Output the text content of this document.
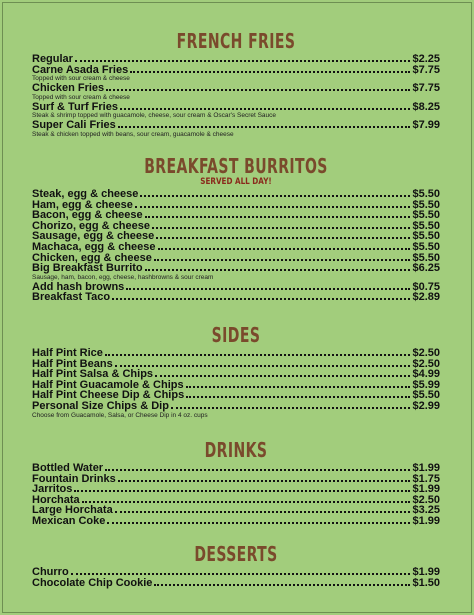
FRENCH FRIES
Regular	$2.25
Carne Asada Fries	$7.75
Topped with sour cream & cheese
Chicken Fries	$7.75
Topped with sour cream & cheese
Surf & Turf Fries	$8.25
Steak & shrimp topped with guacamole, cheese, sour cream & Oscar's Secret Sauce
Super Cali Fries	$7.99
Steak & chicken topped with beans, sour cream, guacamole & cheese
BREAKFAST BURRITOS
SERVED ALL DAY!
Steak, egg & cheese	$5.50
Ham, egg & cheese	$5.50
Bacon, egg & cheese	$5.50
Chorizo, egg & cheese	$5.50
Sausage, egg & cheese	$5.50
Machaca, egg & cheese	$5.50
Chicken, egg & cheese	$5.50
Big Breakfast Burrito	$6.25
Sausage, ham, bacon, egg, cheese, hashbrowns & sour cream
Add hash browns	$0.75
Breakfast Taco	$2.89
SIDES
Half Pint Rice	$2.50
Half Pint Beans	$2.50
Half Pint Salsa & Chips	$4.99
Half Pint Guacamole & Chips	$5.99
Half Pint Cheese Dip & Chips	$5.50
Personal Size Chips & Dip	$2.99
Choose from Guacamole, Salsa, or Cheese Dip in 4 oz. cups
DRINKS
Bottled Water	$1.99
Fountain Drinks	$1.75
Jarritos	$1.99
Horchata	$2.50
Large Horchata	$3.25
Mexican Coke	$1.99
DESSERTS
Churro	$1.99
Chocolate Chip Cookie	$1.50
